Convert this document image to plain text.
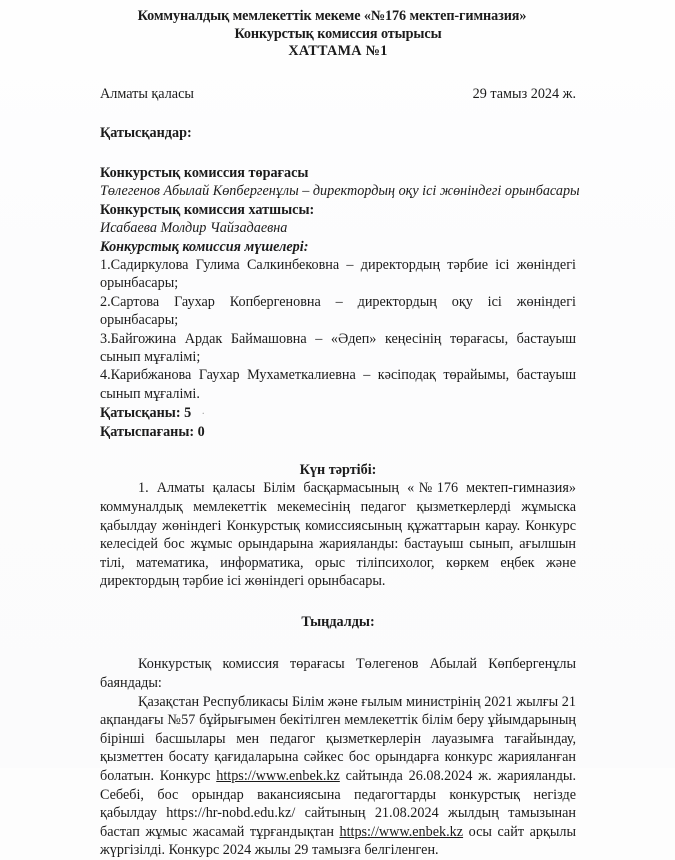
Коммуналдық мемлекеттік мекеме «№176 мектеп-гимназия»
Конкурстық комиссия отырысы
ХАТТАМА №1
Алматы қаласы	29 тамыз 2024 ж.
Қатысқандар:
Конкурстық комиссия төрағасы
Төлегенов Абылай Көпбергенұлы – директордың оқу ісі жөніндегі орынбасары
Конкурстық комиссия хатшысы:
Исабаева Молдир Чайзадаевна
Конкурстық комиссия мүшелері:
1.Садиркулова Гулима Салкинбековна – директордың тәрбие ісі жөніндегі орынбасары;
2.Сартова Гаухар Копбергеновна – директордың оқу ісі жөніндегі орынбасары;
3.Байгожина Ардак Баймашовна – «Әдеп» кеңесінің төрағасы, бастауыш сынып мұғалімі;
4.Карибжанова Гаухар Мухаметкалиевна – кәсіподақ төрайымы, бастауыш сынып мұғалімі.
Қатысқаны: 5 ·
Қатыспағаны: 0
Күн тәртібі:

1. Алматы қаласы Білім басқармасының «№176 мектеп-гимназия» коммуналдық мемлекеттік мекемесінің педагог қызметкерлерді жұмыска қабылдау жөніндегі Конкурстық комиссиясының құжаттарын карау. Конкурс келесідей бос жұмыс орындарына жарияланды: бастауыш сынып, ағылшын тілі, математика, информатика, орыс тіліпсихолог, көркем еңбек және директордың тәрбие ісі жөніндегі орынбасары.

Тыңдалды:

Конкурстық комиссия төрағасы Төлегенов Абылай Көпбергенұлы баяндады:

Қазақстан Республикасы Білім және ғылым министрінің 2021 жылғы 21 ақпандағы №57 бұйрығымен бекітілген мемлекеттік білім беру ұйымдарының бірінші басшылары мен педагог қызметкерлерін лауазымға тағайындау, қызметтен босату қағидаларына сәйкес бос орындарға конкурс жарияланған болатын. Конкурс https://www.enbek.kz сайтында 26.08.2024 ж. жарияланды. Себебі, бос орындар вакансиясына педагогтарды конкурстық негізде қабылдау https://hr-nobd.edu.kz/ сайтының 21.08.2024 жылдың тамызынан бастап жұмыс жасамай тұрғандықтан https://www.enbek.kz осы сайт арқылы жүргізілді. Конкурс 2024 жылы 29 тамызға белгіленген.
